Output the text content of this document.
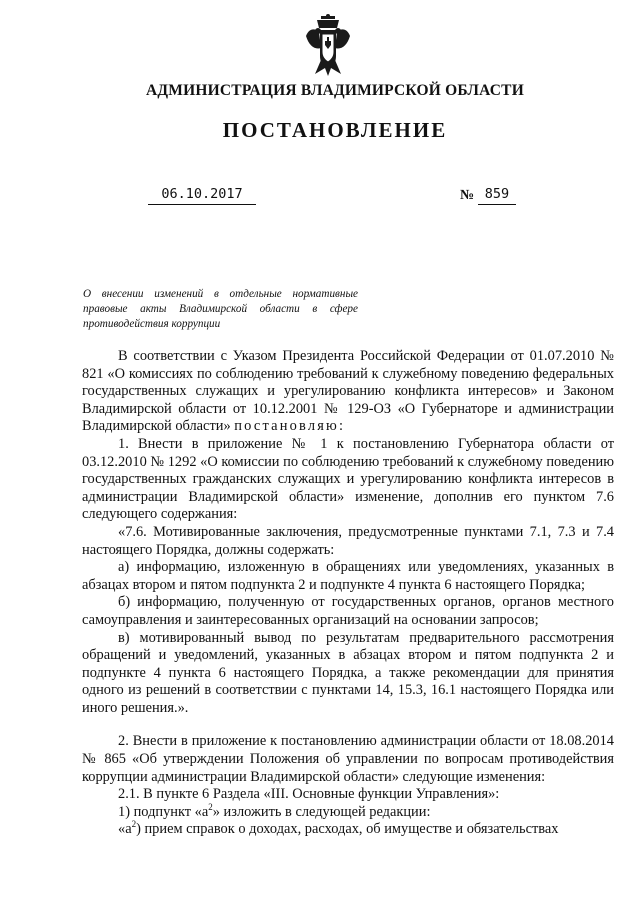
АДМИНИСТРАЦИЯ ВЛАДИМИРСКОЙ ОБЛАСТИ
ПОСТАНОВЛЕНИЕ
06.10.2017	№ 859
О внесении изменений в отдельные нормативные правовые акты Владимирской области в сфере противодействия коррупции

В соответствии с Указом Президента Российской Федерации от 01.07.2010 № 821 «О комиссиях по соблюдению требований к служебному поведению федеральных государственных служащих и урегулированию конфликта интересов» и Законом Владимирской области от 10.12.2001 № 129-ОЗ «О Губернаторе и администрации Владимирской области» постановляю:

1. Внести в приложение № 1 к постановлению Губернатора области от 03.12.2010 № 1292 «О комиссии по соблюдению требований к служебному поведению государственных гражданских служащих и урегулированию конфликта интересов в администрации Владимирской области» изменение, дополнив его пунктом 7.6 следующего содержания:

«7.6. Мотивированные заключения, предусмотренные пунктами 7.1, 7.3 и 7.4 настоящего Порядка, должны содержать:

а) информацию, изложенную в обращениях или уведомлениях, указанных в абзацах втором и пятом подпункта 2 и подпункте 4 пункта 6 настоящего Порядка;

б) информацию, полученную от государственных органов, органов местного самоуправления и заинтересованных организаций на основании запросов;

в) мотивированный вывод по результатам предварительного рассмотрения обращений и уведомлений, указанных в абзацах втором и пятом подпункта 2 и подпункте 4 пункта 6 настоящего Порядка, а также рекомендации для принятия одного из решений в соответствии с пунктами 14, 15.3, 16.1 настоящего Порядка или иного решения.».

2. Внести в приложение к постановлению администрации области от 18.08.2014 № 865 «Об утверждении Положения об управлении по вопросам противодействия коррупции администрации Владимирской области» следующие изменения:

2.1. В пункте 6 Раздела «III. Основные функции Управления»:

1) подпункт «$а^2$» изложить в следующей редакции:

«$а^2$) прием справок о доходах, расходах, об имуществе и обязательствах
